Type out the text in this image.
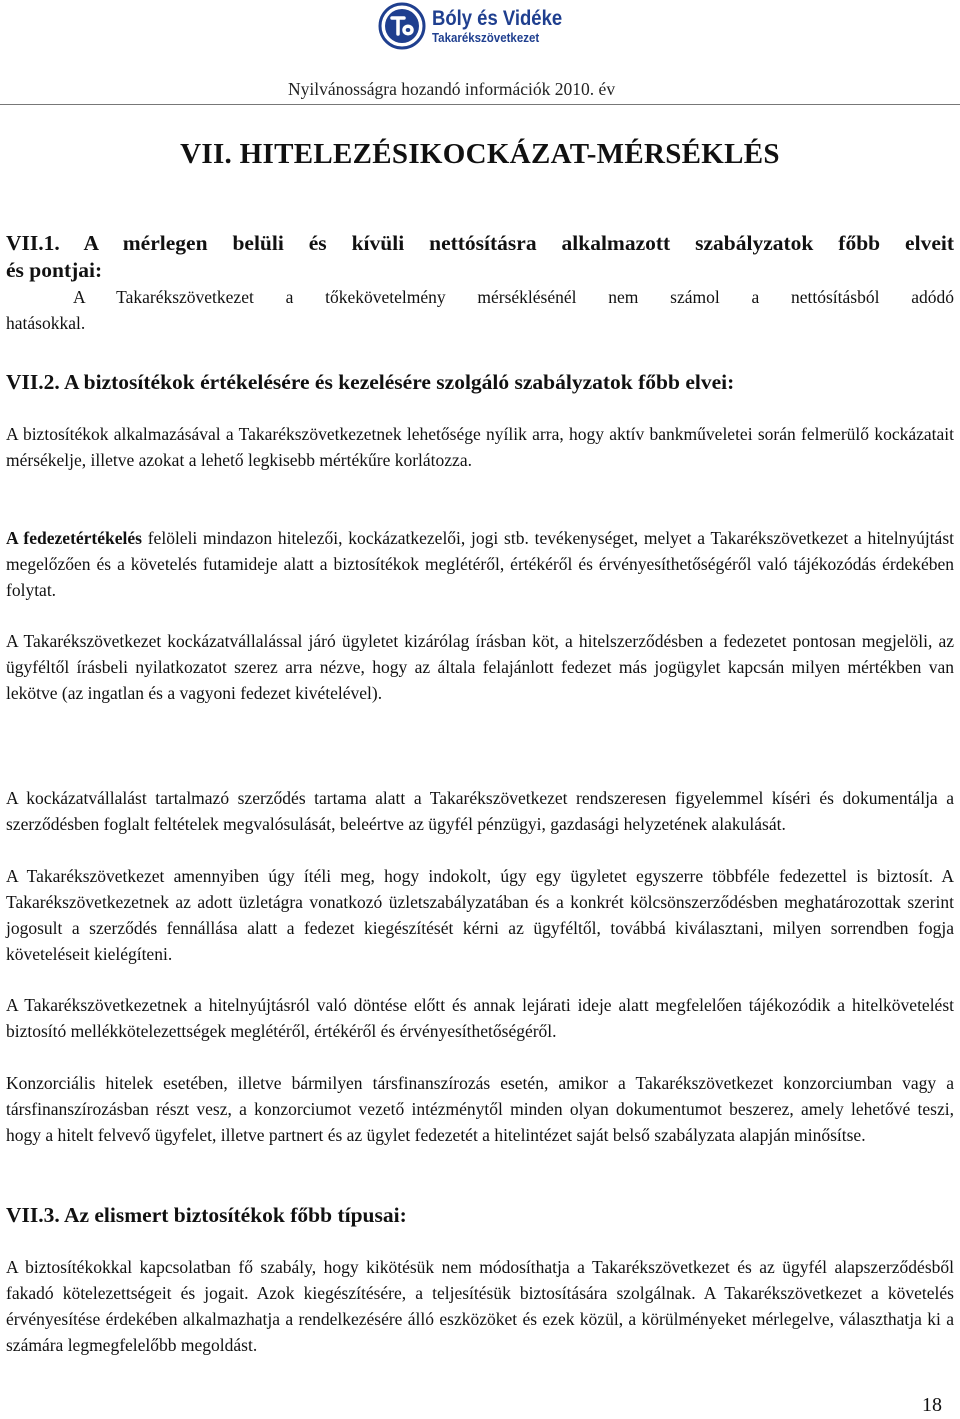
Bóly és Vidéke
Takarékszövetkezet
Nyilvánosságra hozandó információk 2010. év
VII. HITELEZÉSIKOCKÁZAT-MÉRSÉKLÉS
VII.1. A mérlegen belüli és kívüli nettósításra alkalmazott szabályzatok főbb elveit
és pontjai:

A Takarékszövetkezet a tőkekövetelmény mérséklésénél nem számol a nettósításból adódó

hatásokkal.

VII.2. A biztosítékok értékelésére és kezelésére szolgáló szabályzatok főbb elvei:

A biztosítékok alkalmazásával a Takarékszövetkezetnek lehetősége nyílik arra, hogy aktív bankműveletei során felmerülő kockázatait mérsékelje, illetve azokat a lehető legkisebb mértékűre korlátozza.

A fedezetértékelés felöleli mindazon hitelezői, kockázatkezelői, jogi stb. tevékenységet, melyet a Takarékszövetkezet a hitelnyújtást megelőzően és a követelés futamideje alatt a biztosítékok meglétéről, értékéről és érvényesíthetőségéről való tájékozódás érdekében folytat.

A Takarékszövetkezet kockázatvállalással járó ügyletet kizárólag írásban köt, a hitelszerződésben a fedezetet pontosan megjelöli, az ügyféltől írásbeli nyilatkozatot szerez arra nézve, hogy az általa felajánlott fedezet más jogügylet kapcsán milyen mértékben van lekötve (az ingatlan és a vagyoni fedezet kivételével).

A kockázatvállalást tartalmazó szerződés tartama alatt a Takarékszövetkezet rendszeresen figyelemmel kíséri és dokumentálja a szerződésben foglalt feltételek megvalósulását, beleértve az ügyfél pénzügyi, gazdasági helyzetének alakulását.

A Takarékszövetkezet amennyiben úgy ítéli meg, hogy indokolt, úgy egy ügyletet egyszerre többféle fedezettel is biztosít. A Takarékszövetkezetnek az adott üzletágra vonatkozó üzletszabályzatában és a konkrét kölcsönszerződésben meghatározottak szerint jogosult a szerződés fennállása alatt a fedezet kiegészítését kérni az ügyféltől, továbbá kiválasztani, milyen sorrendben fogja követeléseit kielégíteni.

A Takarékszövetkezetnek a hitelnyújtásról való döntése előtt és annak lejárati ideje alatt megfelelően tájékozódik a hitelkövetelést biztosító mellékkötelezettségek meglétéről, értékéről és érvényesíthetőségéről.

Konzorciális hitelek esetében, illetve bármilyen társfinanszírozás esetén, amikor a Takarékszövetkezet konzorciumban vagy a társfinanszírozásban részt vesz, a konzorciumot vezető intézménytől minden olyan dokumentumot beszerez, amely lehetővé teszi, hogy a hitelt felvevő ügyfelet, illetve partnert és az ügylet fedezetét a hitelintézet saját belső szabályzata alapján minősítse.

VII.3. Az elismert biztosítékok főbb típusai:

A biztosítékokkal kapcsolatban fő szabály, hogy kikötésük nem módosíthatja a Takarékszövetkezet és az ügyfél alapszerződésből fakadó kötelezettségeit és jogait. Azok kiegészítésére, a teljesítésük biztosítására szolgálnak. A Takarékszövetkezet a követelés érvényesítése érdekében alkalmazhatja a rendelkezésére álló eszközöket és ezek közül, a körülményeket mérlegelve, választhatja ki a számára legmegfelelőbb megoldást.

18
